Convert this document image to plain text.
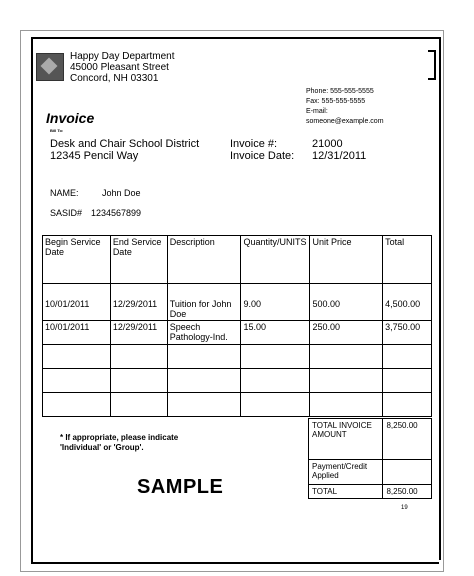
Happy Day Department
45000 Pleasant Street
Concord, NH 03301
Phone: 555-555-5555
Fax: 555-555-5555
E-mail:
someone@example.com
Invoice
Bill To:
Desk and Chair School District
12345 Pencil Way
Invoice #:	21000
Invoice Date: 12/31/2011
NAME:	John Doe
SASID# 1234567899
Begin Service Date	End Service Date	Description	Quantity/UNITS	Unit Price	Total
10/01/2011	12/29/2011	Tuition for John Doe	9.00	500.00	4,500.00
10/01/2011	12/29/2011	Speech Pathology-Ind.	15.00	250.00	3,750.00

TOTAL INVOICE AMOUNT	8,250.00
Payment/Credit Applied	
TOTAL	8,250.00
* If appropriate, please indicate
'Individual' or 'Group'.
SAMPLE
19
